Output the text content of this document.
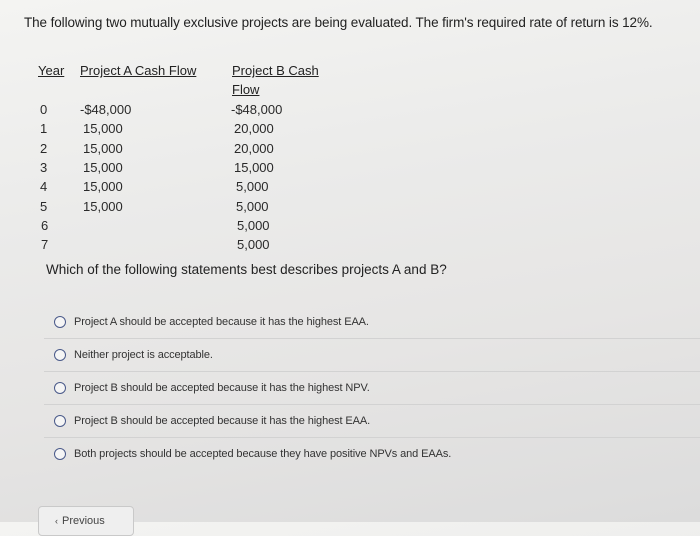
The following two mutually exclusive projects are being evaluated. The firm's required rate of return is 12%.
Year Project A Cash Flow	Project B Cash
Flow
0
1
2
3
4
5
6
7
-$48,000
15,000
15,000
15,000
15,000
15,000
-$48,000
20,000
20,000
15,000
5,000
5,000
5,000
5,000
Which of the following statements best describes projects A and B?
Project A should be accepted because it has the highest EAA.
Neither project is acceptable.
Project B should be accepted because it has the highest NPV.
Project B should be accepted because it has the highest EAA.
Both projects should be accepted because they have positive NPVs and EAAs.
‹ Previous
